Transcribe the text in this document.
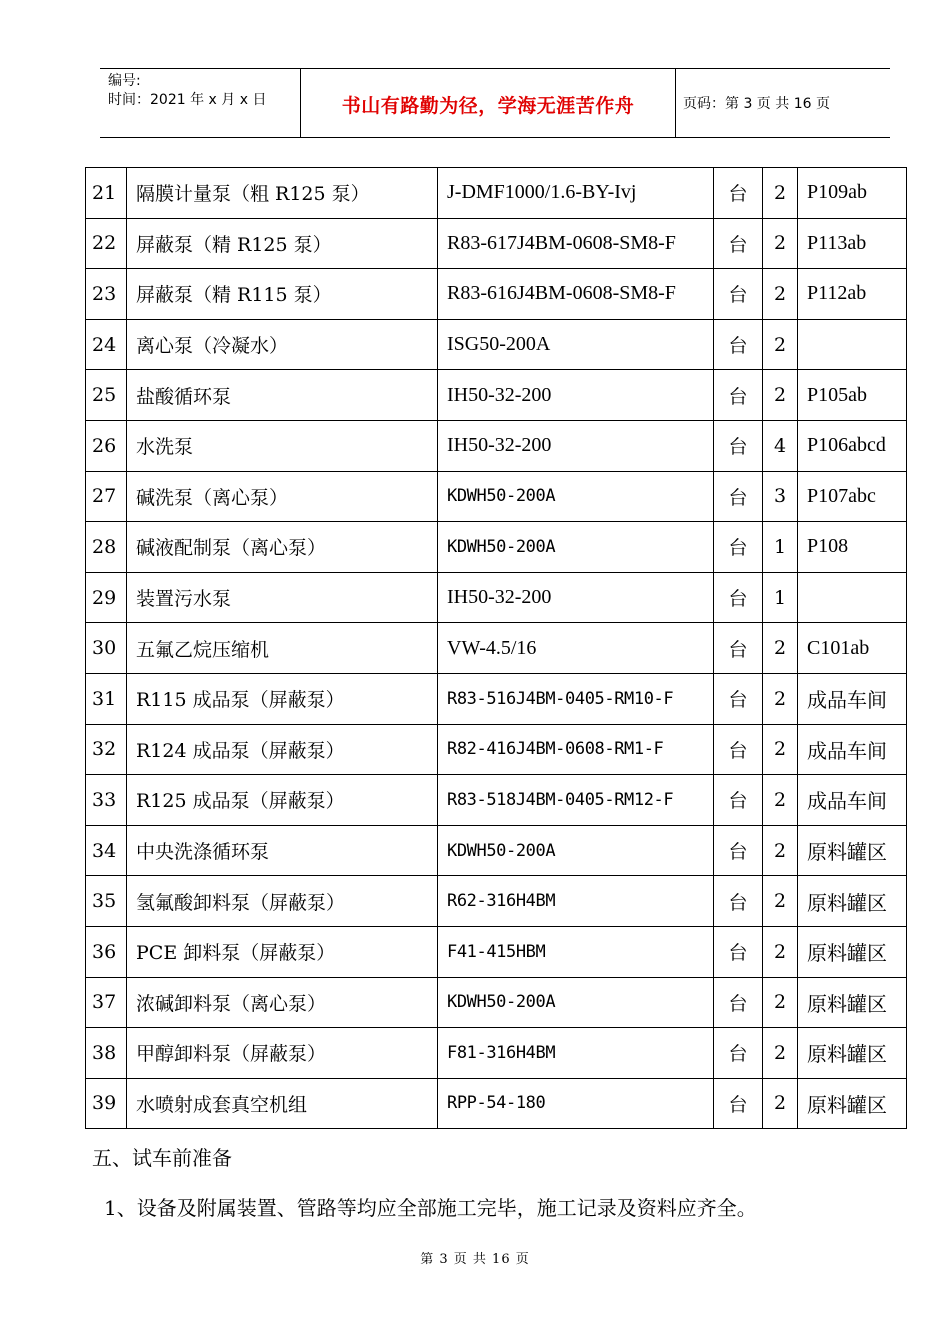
编号:
时间：2021 年 x 月 x 日	书山有路勤为径，学海无涯苦作舟	页码：第 3 页 共 16 页
21	隔膜计量泵（粗 R125 泵）	J-DMF1000/1.6-BY-Ivj	台	2	P109ab
22	屏蔽泵（精 R125 泵）	R83-617J4BM-0608-SM8-F	台	2	P113ab
23	屏蔽泵（精 R115 泵）	R83-616J4BM-0608-SM8-F	台	2	P112ab
24	离心泵（冷凝水）	ISG50-200A	台	2	
25	盐酸循环泵	IH50-32-200	台	2	P105ab
26	水洗泵	IH50-32-200	台	4	P106abcd
27	碱洗泵（离心泵）	KDWH50-200A	台	3	P107abc
28	碱液配制泵（离心泵）	KDWH50-200A	台	1	P108
29	装置污水泵	IH50-32-200	台	1	
30	五氟乙烷压缩机	VW-4.5/16	台	2	C101ab
31	R115 成品泵（屏蔽泵）	R83-516J4BM-0405-RM10-F	台	2	成品车间
32	R124 成品泵（屏蔽泵）	R82-416J4BM-0608-RM1-F	台	2	成品车间
33	R125 成品泵（屏蔽泵）	R83-518J4BM-0405-RM12-F	台	2	成品车间
34	中央洗涤循环泵	KDWH50-200A	台	2	原料罐区
35	氢氟酸卸料泵（屏蔽泵）	R62-316H4BM	台	2	原料罐区
36	PCE 卸料泵（屏蔽泵）	F41-415HBM	台	2	原料罐区
37	浓碱卸料泵（离心泵）	KDWH50-200A	台	2	原料罐区
38	甲醇卸料泵（屏蔽泵）	F81-316H4BM	台	2	原料罐区
39	水喷射成套真空机组	RPP-54-180	台	2	原料罐区
五、试车前准备
1、设备及附属装置、管路等均应全部施工完毕，施工记录及资料应齐全。
第 3 页 共 16 页
